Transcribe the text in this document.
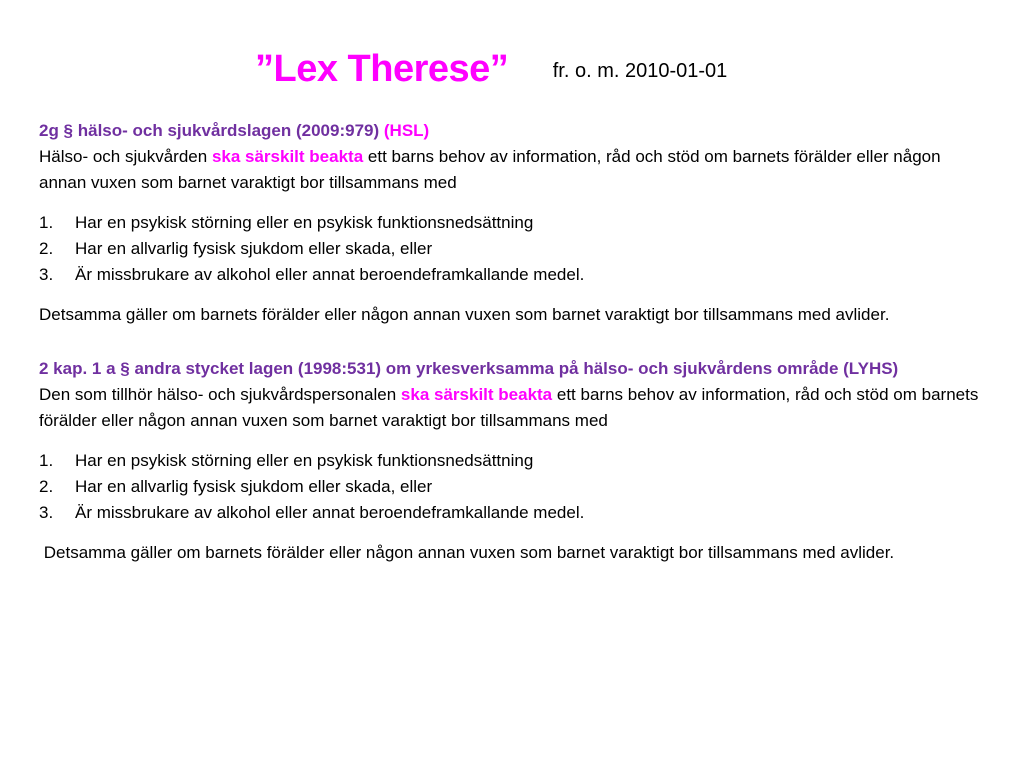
”Lex Therese” fr. o. m. 2010-01-01

2g § hälso- och sjukvårdslagen (2009:979) (HSL)

Hälso- och sjukvården ska särskilt beakta ett barns behov av information, råd och stöd om barnets förälder eller någon annan vuxen som barnet varaktigt bor tillsammans med

1. Har en psykisk störning eller en psykisk funktionsnedsättning
2. Har en allvarlig fysisk sjukdom eller skada, eller
3. Är missbrukare av alkohol eller annat beroendeframkallande medel.

Detsamma gäller om barnets förälder eller någon annan vuxen som barnet varaktigt bor tillsammans med avlider.

2 kap. 1 a § andra stycket lagen (1998:531) om yrkesverksamma på hälso- och sjukvårdens område (LYHS)

Den som tillhör hälso- och sjukvårdspersonalen ska särskilt beakta ett barns behov av information, råd och stöd om barnets förälder eller någon annan vuxen som barnet varaktigt bor tillsammans med

1. Har en psykisk störning eller en psykisk funktionsnedsättning
2. Har en allvarlig fysisk sjukdom eller skada, eller
3. Är missbrukare av alkohol eller annat beroendeframkallande medel.

Detsamma gäller om barnets förälder eller någon annan vuxen som barnet varaktigt bor tillsammans med avlider.
